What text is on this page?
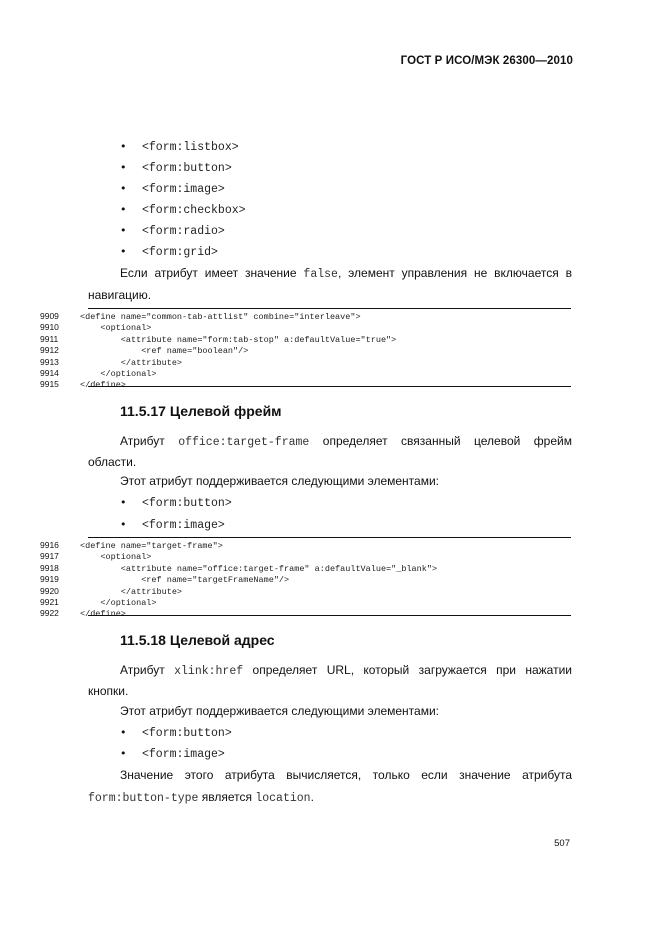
ГОСТ Р ИСО/МЭК 26300—2010
• <form:listbox>
• <form:button>
• <form:image>
• <form:checkbox>
• <form:radio>
• <form:grid>
Если атрибут имеет значение false, элемент управления не включается в
навигацию.
9909 <define name="common-tab-attlist" combine="interleave">
9910    <optional>
9911	<attribute name="form:tab-stop" a:defaultValue="true">
9912            <ref name="boolean"/>
9913        </attribute>
9914    </optional>
9915 </define>
11.5.17 Целевой фрейм
Атрибут office:target-frame определяет связанный целевой фрейм
области.
Этот атрибут поддерживается следующими элементами:
• <form:button>
• <form:image>
9916 <define name="target-frame">
9917    <optional>
9918        <attribute name="office:target-frame" a:defaultValue="_blank">
9919            <ref name="targetFrameName"/>
9920        </attribute>
9921    </optional>
9922 </define>
11.5.18 Целевой адрес
Атрибут xlink:href определяет URL, который загружается при нажатии
кнопки.
Этот атрибут поддерживается следующими элементами:
• <form:button>
• <form:image>
Значение этого атрибута вычисляется, только если значение атрибута
form:button-type является location.
507
